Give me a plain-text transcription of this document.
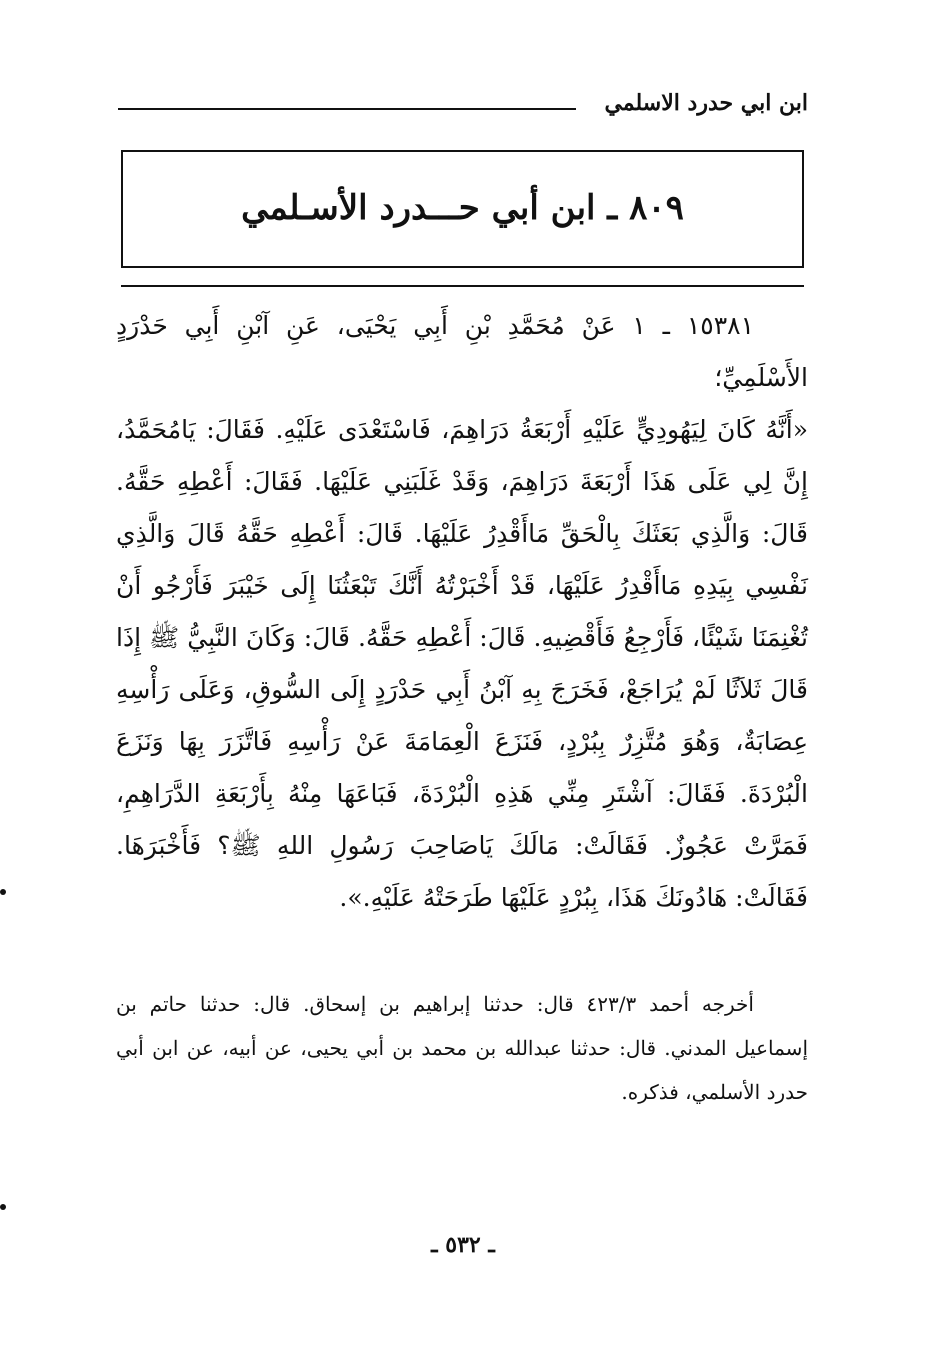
ابن ابي حدرد الاسلمي
٨٠٩ ـ ابن أبي حـــدرد الأسـلمي

١٥٣٨١ ـ ١ عَنْ مُحَمَّدِ بْنِ أَبِي يَحْيَى، عَنِ آبْنِ أَبِي حَدْرَدٍ الأَسْلَمِيِّ؛

«أَنَّهُ كَانَ لِيَهُودِيٍّ عَلَيْهِ أَرْبَعَةُ دَرَاهِمَ، فَاسْتَعْدَى عَلَيْهِ. فَقَالَ: يَامُحَمَّدُ، إِنَّ لِي عَلَى هَذَا أَرْبَعَةَ دَرَاهِمَ، وَقَدْ غَلَبَنِي عَلَيْهَا. فَقَالَ: أَعْطِهِ حَقَّهُ. قَالَ: وَالَّذِي بَعَثَكَ بِالْحَقِّ مَاأَقْدِرُ عَلَيْهَا. قَالَ: أَعْطِهِ حَقَّهُ قَالَ وَالَّذِي نَفْسِي بِيَدِهِ مَاأَقْدِرُ عَلَيْهَا، قَدْ أَخْبَرْتُهُ أَنَّكَ تَبْعَثُنَا إِلَى خَيْبَرَ فَأَرْجُو أَنْ تُغْنِمَنَا شَيْئًا، فَأَرْجِعُ فَأَقْضِيهِ. قَالَ: أَعْطِهِ حَقَّهُ. قَالَ: وَكَانَ النَّبِيُّ ﷺ إِذَا قَالَ ثَلاَثًا لَمْ يُرَاجَعْ، فَخَرَجَ بِهِ آبْنُ أَبِي حَدْرَدٍ إِلَى السُّوقِ، وَعَلَى رَأْسِهِ عِصَابَةٌ، وَهُوَ مُتَّزِرٌ بِبُرْدٍ، فَنَزَعَ الْعِمَامَةَ عَنْ رَأْسِهِ فَاتَّزَرَ بِهَا وَنَزَعَ الْبُرْدَةَ. فَقَالَ: آشْتَرِ مِنِّي هَذِهِ الْبُرْدَةَ، فَبَاعَهَا مِنْهُ بِأَرْبَعَةِ الدَّرَاهِمِ، فَمَرَّتْ عَجُوزٌ. فَقَالَتْ: مَالَكَ يَاصَاحِبَ رَسُولِ اللهِ ﷺ؟ فَأَخْبَرَهَا. فَقَالَتْ: هَادُونَكَ هَذَا، بِبُرْدٍ عَلَيْهَا طَرَحَتْهُ عَلَيْهِ.».

أخرجه أحمد ٤٢٣/٣ قال: حدثنا إبراهيم بن إسحاق. قال: حدثنا حاتم بن إسماعيل المدني. قال: حدثنا عبدالله بن محمد بن أبي يحيى، عن أبيه، عن ابن أبي حدرد الأسلمي، فذكره.

ـ ٥٣٢ ـ
